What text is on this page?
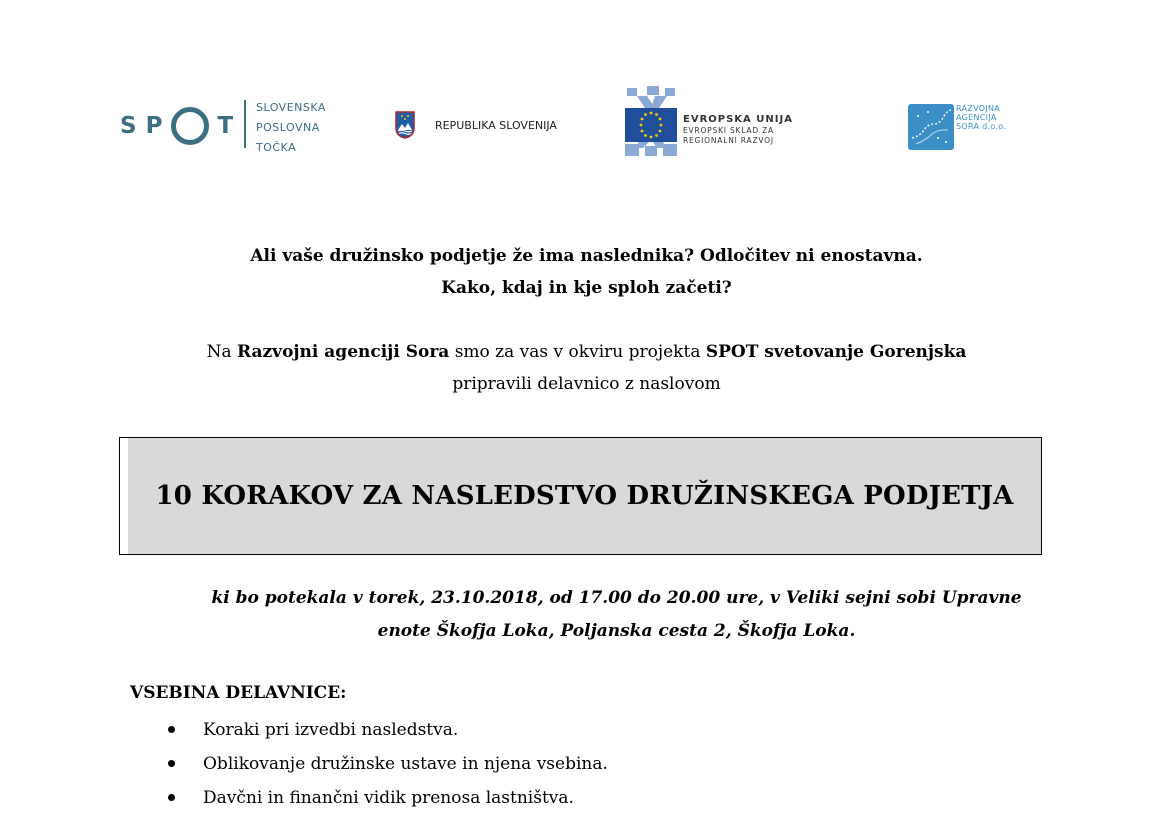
S P T
SLOVENSKA
POSLOVNA
TOČKA
REPUBLIKA SLOVENIJA	EVROPSKA UNIJA
EVROPSKI SKLAD ZA
REGIONALNI RAZVOJ
RAZVOJNA
AGENCIJA
SORA d.o.o.
Ali vaše družinsko podjetje že ima naslednika? Odločitev ni enostavna.
Kako, kdaj in kje sploh začeti?
Na Razvojni agenciji Sora smo za vas v okviru projekta SPOT svetovanje Gorenjska
pripravili delavnico z naslovom
10 KORAKOV ZA NASLEDSTVO DRUŽINSKEGA PODJETJA
ki bo potekala v torek, 23.10.2018, od 17.00 do 20.00 ure, v Veliki sejni sobi Upravne
enote Škofja Loka, Poljanska cesta 2, Škofja Loka.
VSEBINA DELAVNICE:
Koraki pri izvedbi nasledstva.
Oblikovanje družinske ustave in njena vsebina.
Davčni in finančni vidik prenosa lastništva.
